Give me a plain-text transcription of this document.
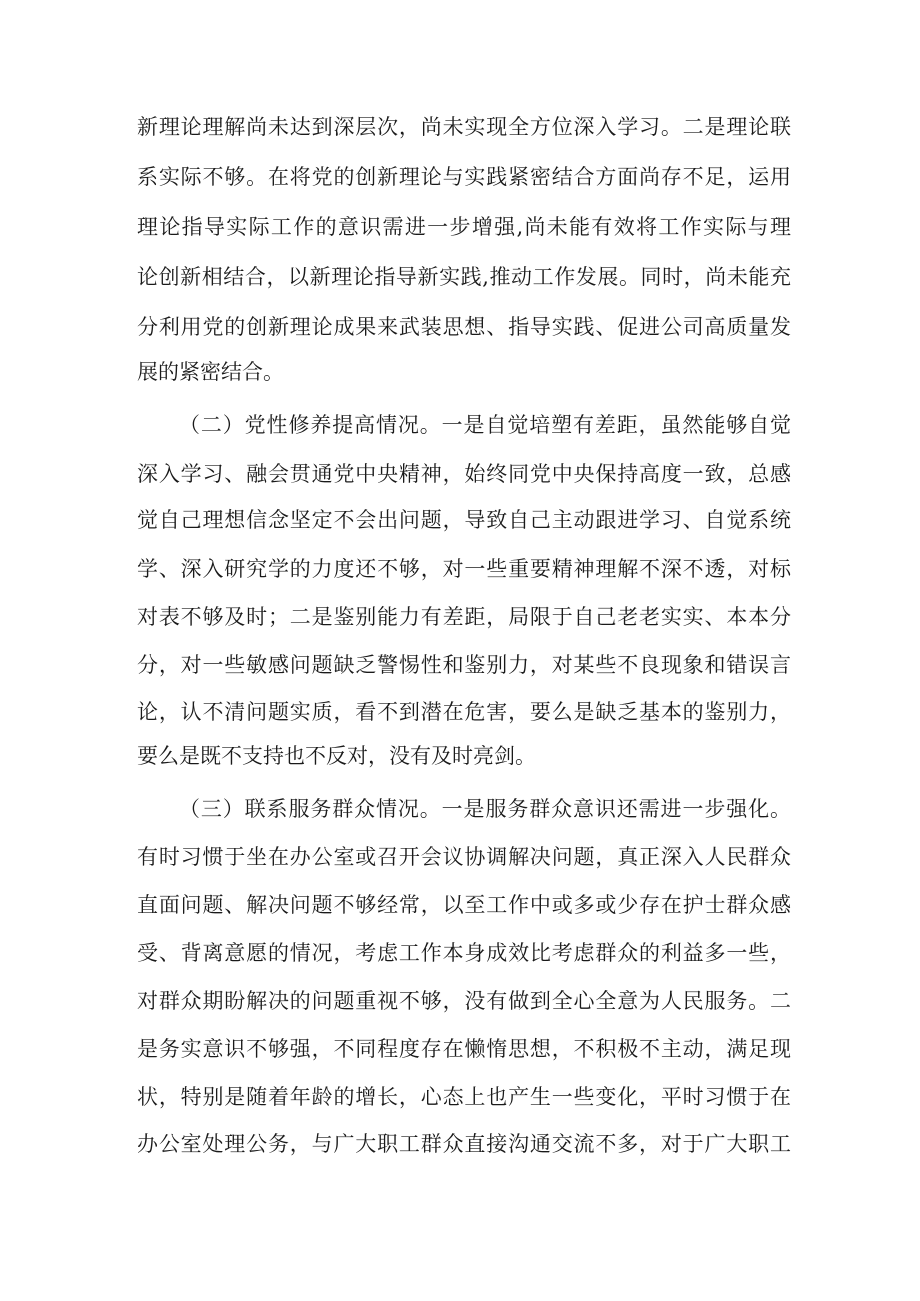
新理论理解尚未达到深层次，尚未实现全方位深入学习。二是理论联
系实际不够。在将党的创新理论与实践紧密结合方面尚存不足，运用
理论指导实际工作的意识需进一步增强,尚未能有效将工作实际与理
论创新相结合，以新理论指导新实践,推动工作发展。同时，尚未能充
分利用党的创新理论成果来武装思想、指导实践、促进公司高质量发
展的紧密结合。
（二）党性修养提高情况。一是自觉培塑有差距，虽然能够自觉
深入学习、融会贯通党中央精神，始终同党中央保持高度一致，总感
觉自己理想信念坚定不会出问题，导致自己主动跟进学习、自觉系统
学、深入研究学的力度还不够，对一些重要精神理解不深不透，对标
对表不够及时；二是鉴别能力有差距，局限于自己老老实实、本本分
分，对一些敏感问题缺乏警惕性和鉴别力，对某些不良现象和错误言
论，认不清问题实质，看不到潜在危害，要么是缺乏基本的鉴别力，
要么是既不支持也不反对，没有及时亮剑。
（三）联系服务群众情况。一是服务群众意识还需进一步强化。
有时习惯于坐在办公室或召开会议协调解决问题，真正深入人民群众
直面问题、解决问题不够经常，以至工作中或多或少存在护士群众感
受、背离意愿的情况，考虑工作本身成效比考虑群众的利益多一些，
对群众期盼解决的问题重视不够，没有做到全心全意为人民服务。二
是务实意识不够强，不同程度存在懒惰思想，不积极不主动，满足现
状，特别是随着年龄的增长，心态上也产生一些变化，平时习惯于在
办公室处理公务，与广大职工群众直接沟通交流不多，对于广大职工
